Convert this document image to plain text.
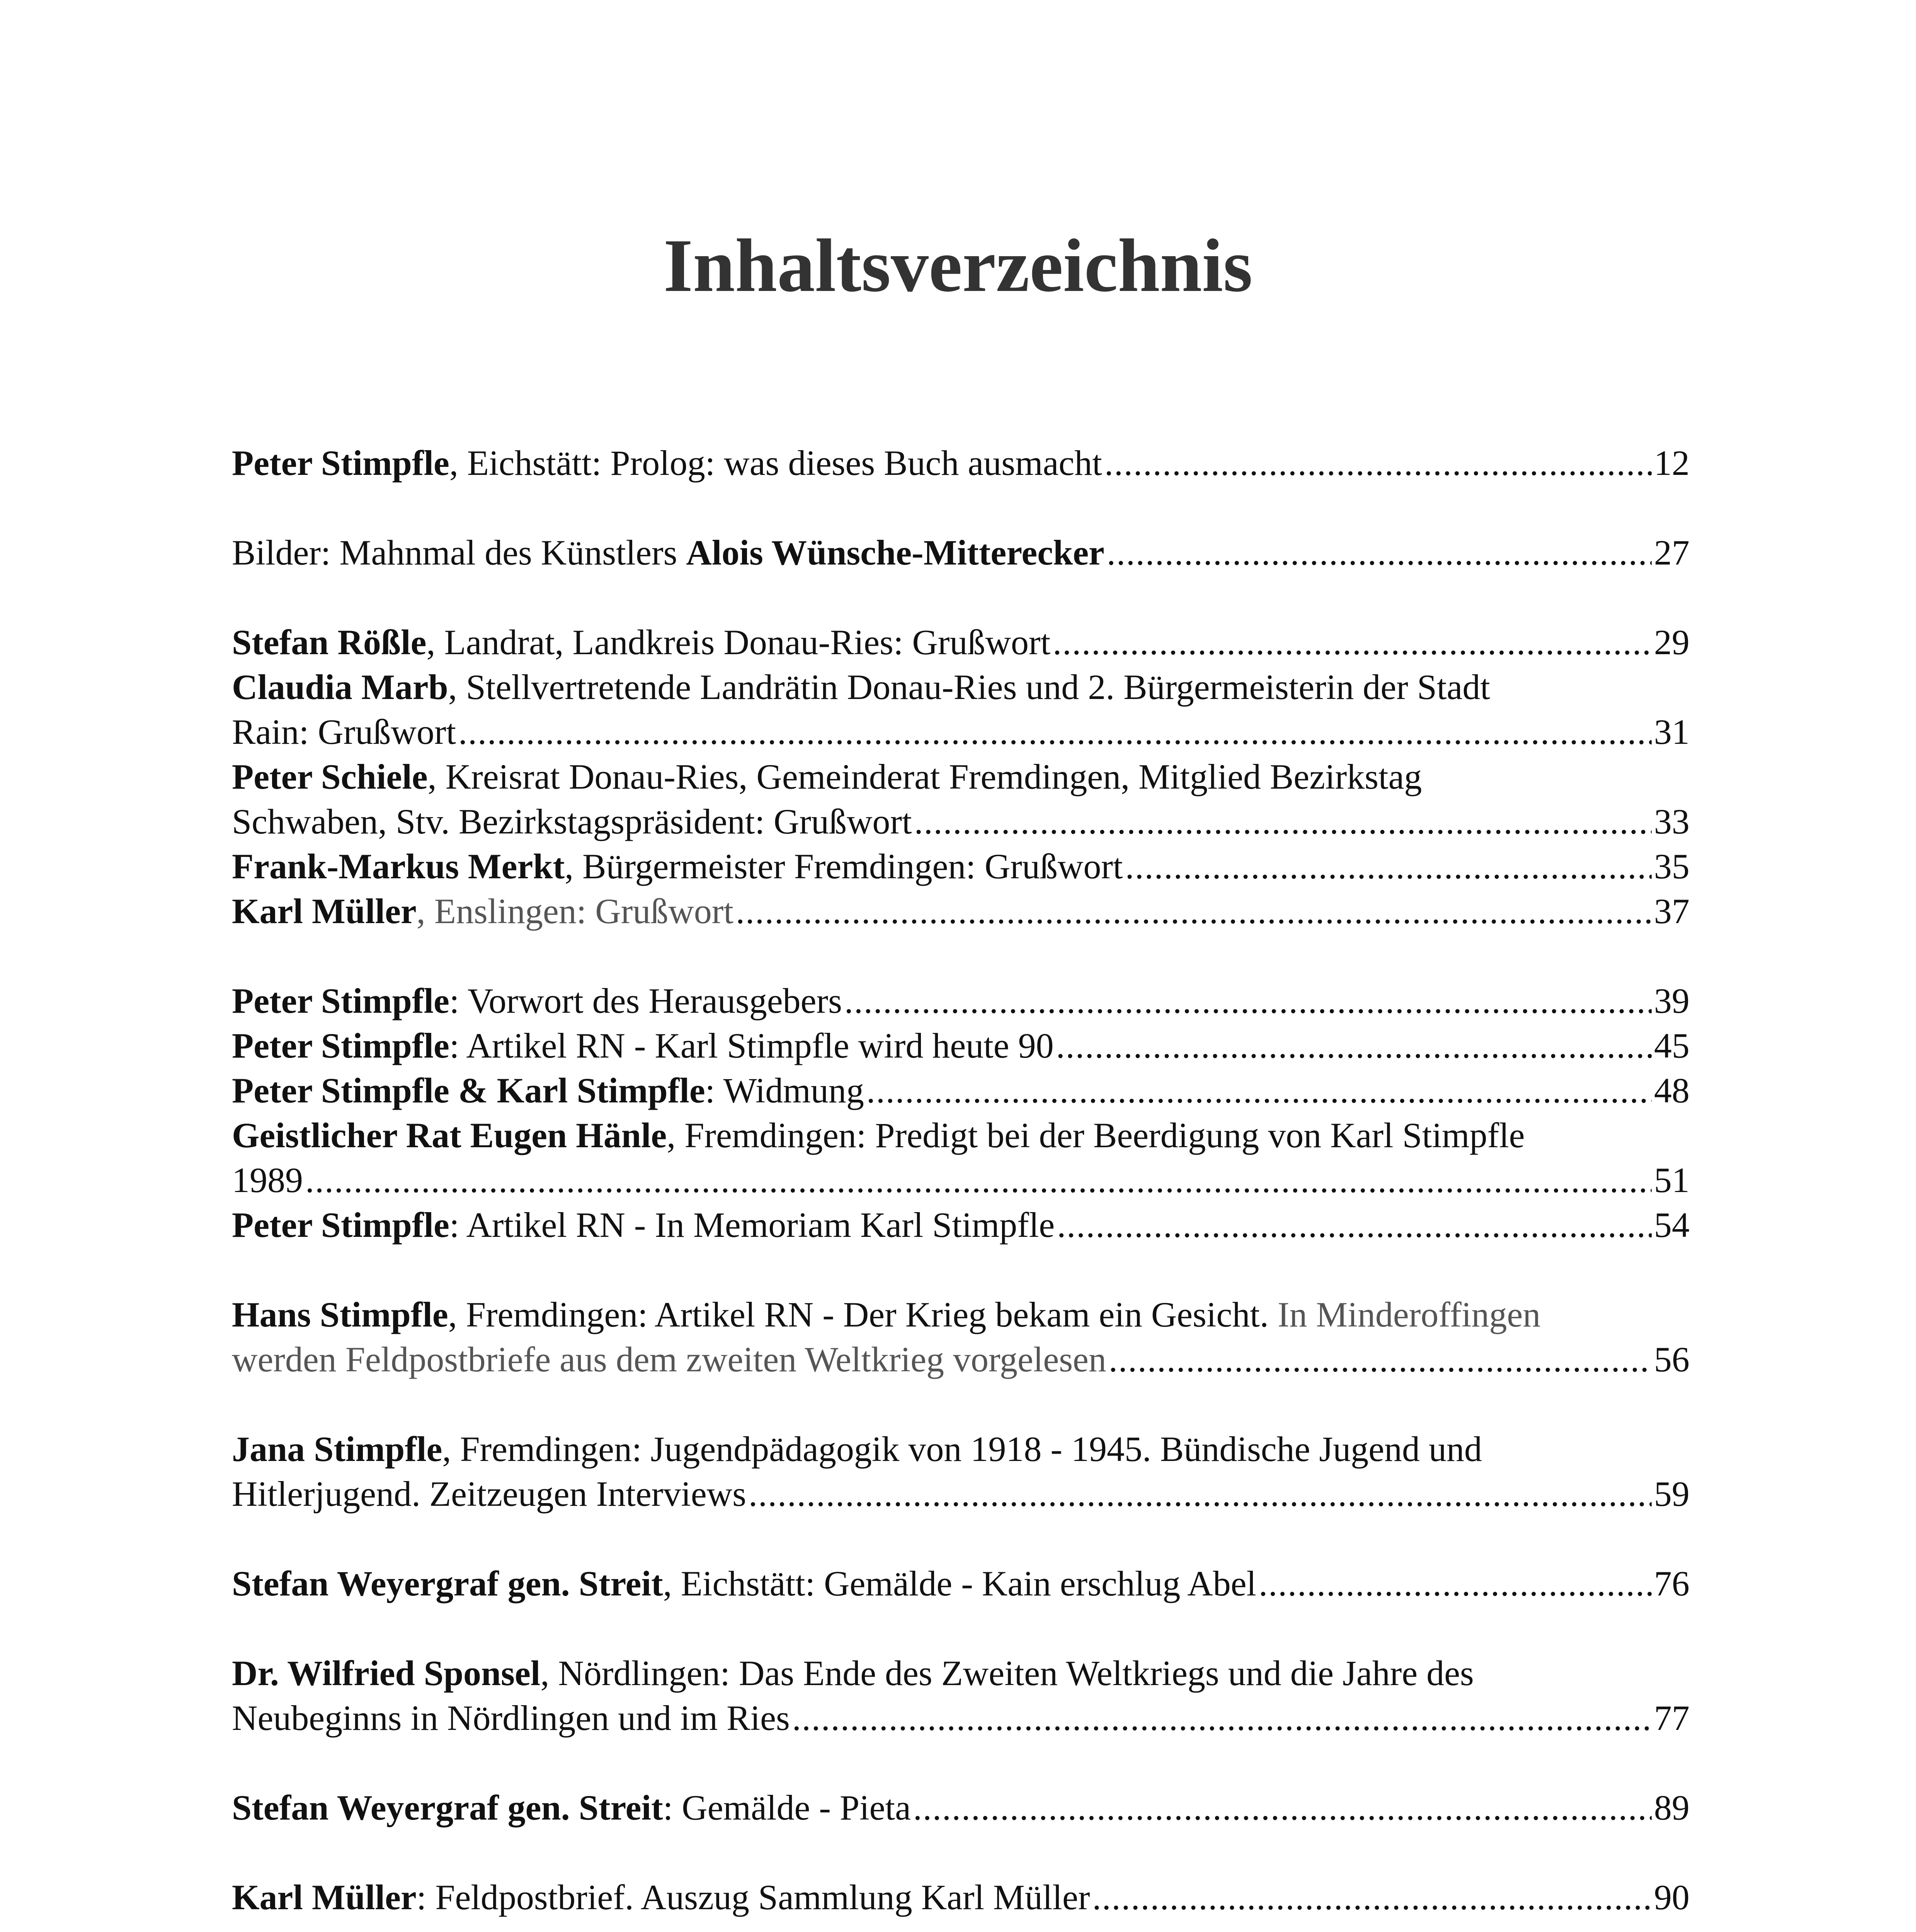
Inhaltsverzeichnis
Peter Stimpfle, Eichstätt: Prolog: was dieses Buch ausmacht .....	12
Bilder: Mahnmal des Künstlers Alois Wünsche-Mitterecker .....	27
Stefan Rößle, Landrat, Landkreis Donau-Ries: Grußwort .....	29
Claudia Marb, Stellvertretende Landrätin Donau-Ries und 2. Bürgermeisterin der Stadt
Rain: Grußwort .....	31
Peter Schiele, Kreisrat Donau-Ries, Gemeinderat Fremdingen, Mitglied Bezirkstag
Schwaben, Stv. Bezirkstagspräsident: Grußwort .....	33
Frank-Markus Merkt, Bürgermeister Fremdingen: Grußwort .....	35
Karl Müller, Enslingen: Grußwort .....	37
Peter Stimpfle: Vorwort des Herausgebers .....	39
Peter Stimpfle: Artikel RN - Karl Stimpfle wird heute 90 .....	45
Peter Stimpfle & Karl Stimpfle: Widmung .....	48
Geistlicher Rat Eugen Hänle, Fremdingen: Predigt bei der Beerdigung von Karl Stimpfle
1989 .....	51
Peter Stimpfle: Artikel RN - In Memoriam Karl Stimpfle .....	54
Hans Stimpfle, Fremdingen: Artikel RN - Der Krieg bekam ein Gesicht. In Minderoffingen
werden Feldpostbriefe aus dem zweiten Weltkrieg vorgelesen .....	56
Jana Stimpfle, Fremdingen: Jugendpädagogik von 1918 - 1945. Bündische Jugend und
Hitlerjugend. Zeitzeugen Interviews .....	59
Stefan Weyergraf gen. Streit, Eichstätt: Gemälde - Kain erschlug Abel .....	76
Dr. Wilfried Sponsel, Nördlingen: Das Ende des Zweiten Weltkriegs und die Jahre des
Neubeginns in Nördlingen und im Ries .....	77
Stefan Weyergraf gen. Streit: Gemälde - Pieta .....	89
Karl Müller: Feldpostbrief. Auszug Sammlung Karl Müller .....	90
